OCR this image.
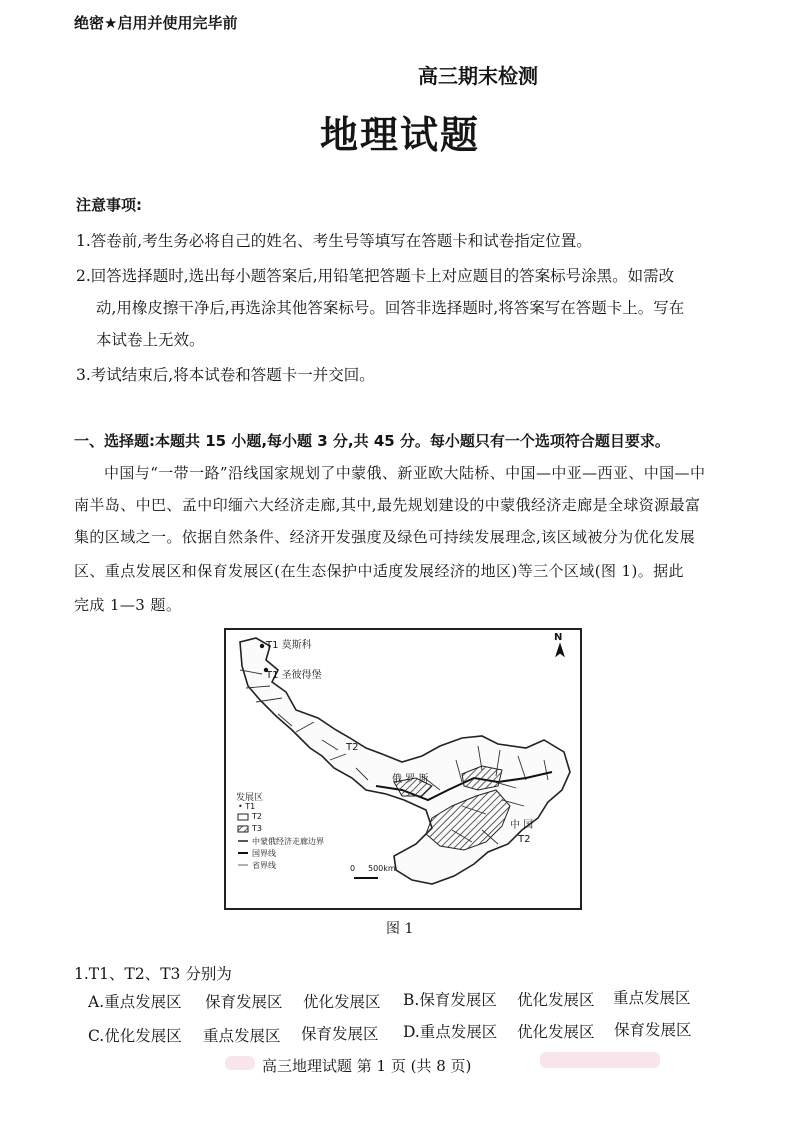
绝密★启用并使用完毕前
高三期末检测
地理试题
注意事项:
1.答卷前,考生务必将自己的姓名、考生号等填写在答题卡和试卷指定位置。
2.回答选择题时,选出每小题答案后,用铅笔把答题卡上对应题目的答案标号涂黑。如需改
动,用橡皮擦干净后,再选涂其他答案标号。回答非选择题时,将答案写在答题卡上。写在
本试卷上无效。
3.考试结束后,将本试卷和答题卡一并交回。
一、选择题:本题共 15 小题,每小题 3 分,共 45 分。每小题只有一个选项符合题目要求。
中国与“一带一路”沿线国家规划了中蒙俄、新亚欧大陆桥、中国—中亚—西亚、中国—中
南半岛、中巴、孟中印缅六大经济走廊,其中,最先规划建设的中蒙俄经济走廊是全球资源最富
集的区域之一。依据自然条件、经济开发强度及绿色可持续发展理念,该区域被分为优化发展
区、重点发展区和保育发展区(在生态保护中适度发展经济的地区)等三个区域(图 1)。据此
完成 1—3 题。
T1 莫斯科
T1 圣彼得堡
T2
T2
俄 罗 斯
中 国
N
发展区
• T1
T2
T3
中蒙俄经济走廊边界
国界线
省界线	0 500km
图 1
1.T1、T2、T3 分别为
A.重点发展区 保育发展区 优化发展区 B.保育发展区 优化发展区 重点发展区
C.优化发展区 重点发展区 保育发展区 D.重点发展区 优化发展区 保育发展区
高三地理试题 第 1 页 (共 8 页)
